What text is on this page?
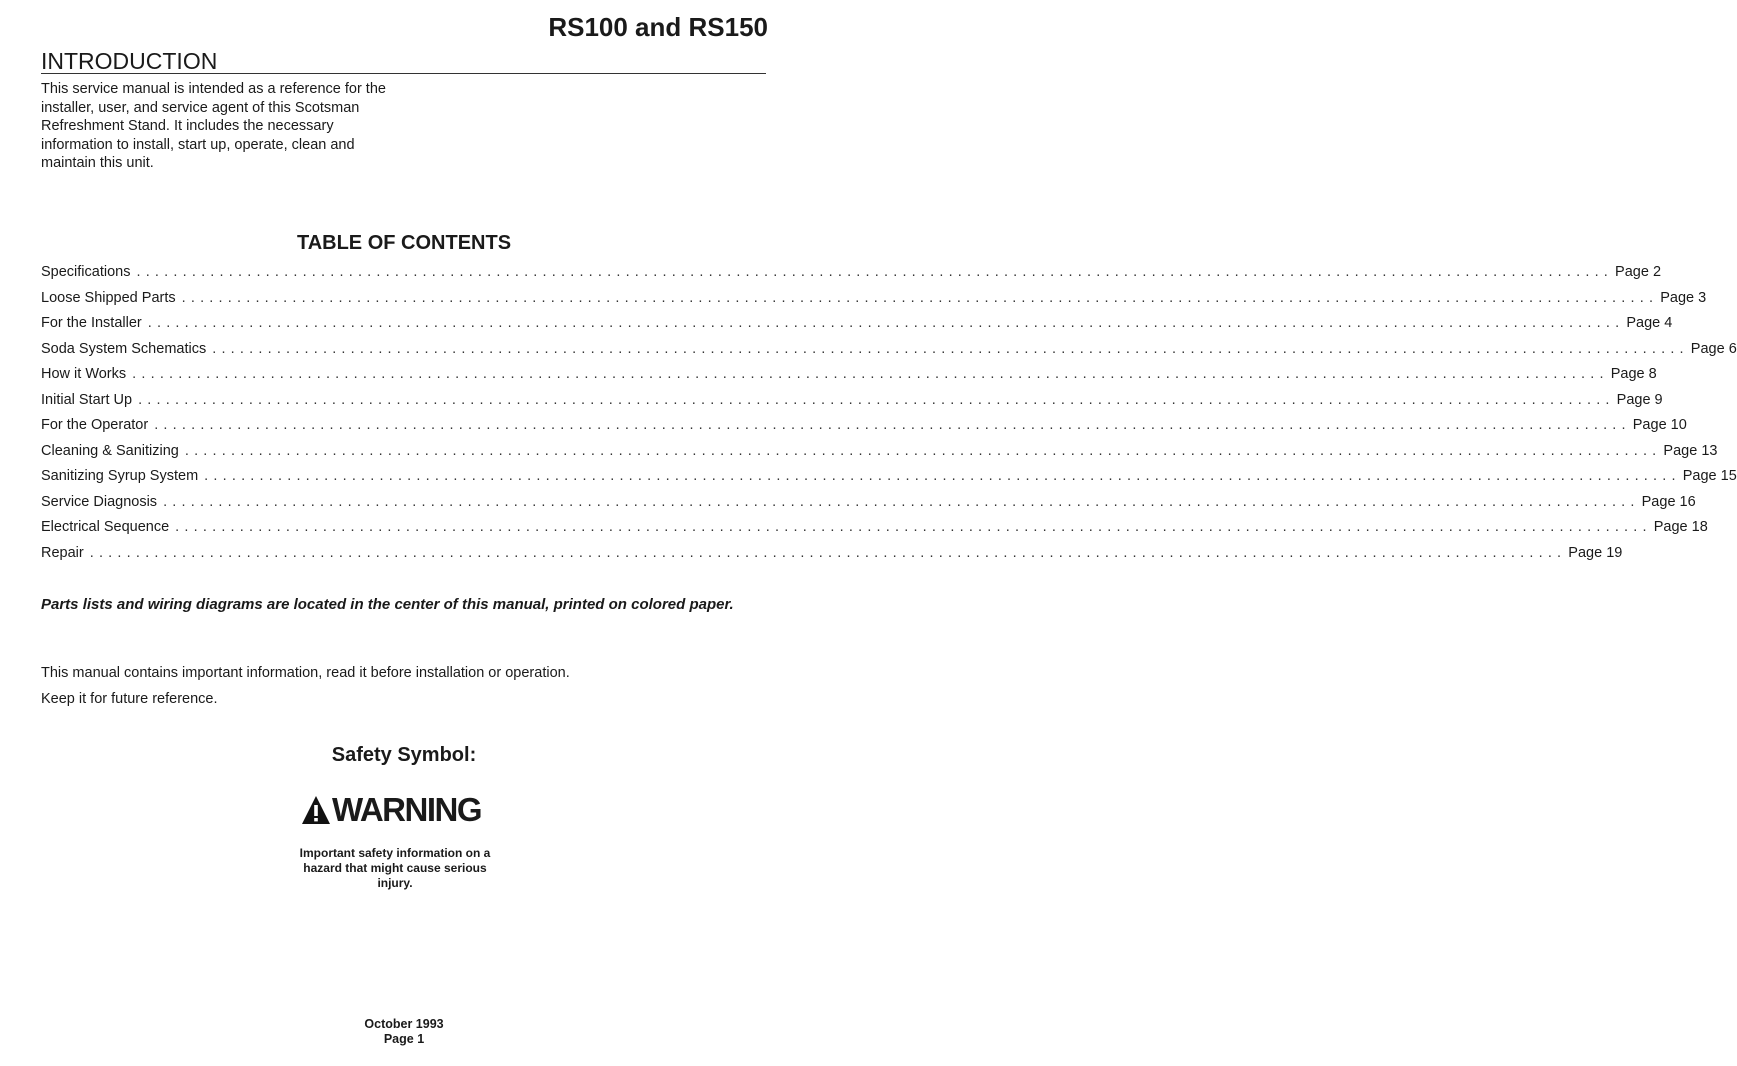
RS100 and RS150
INTRODUCTION

This service manual is intended as a reference for the installer, user, and service agent of this Scotsman Refreshment Stand. It includes the necessary information to install, start up, operate, clean and maintain this unit.

TABLE OF CONTENTS
Specifications ................................................................................................................................................................ Page 2
Loose Shipped Parts ................................................................................................................................................................ Page 3
For the Installer ................................................................................................................................................................ Page 4
Soda System Schematics ................................................................................................................................................................ Page 6
How it Works ................................................................................................................................................................ Page 8
Initial Start Up ................................................................................................................................................................ Page 9
For the Operator ................................................................................................................................................................ Page 10
Cleaning & Sanitizing ................................................................................................................................................................ Page 13
Sanitizing Syrup System ................................................................................................................................................................ Page 15
Service Diagnosis ................................................................................................................................................................ Page 16
Electrical Sequence ................................................................................................................................................................ Page 18
Repair ................................................................................................................................................................ Page 19

Parts lists and wiring diagrams are located in the center of this manual, printed on colored paper.

This manual contains important information, read it before installation or operation.

Keep it for future reference.

Safety Symbol:
WARNING

Important safety information on a hazard that might cause serious injury.

October 1993

Page 1
